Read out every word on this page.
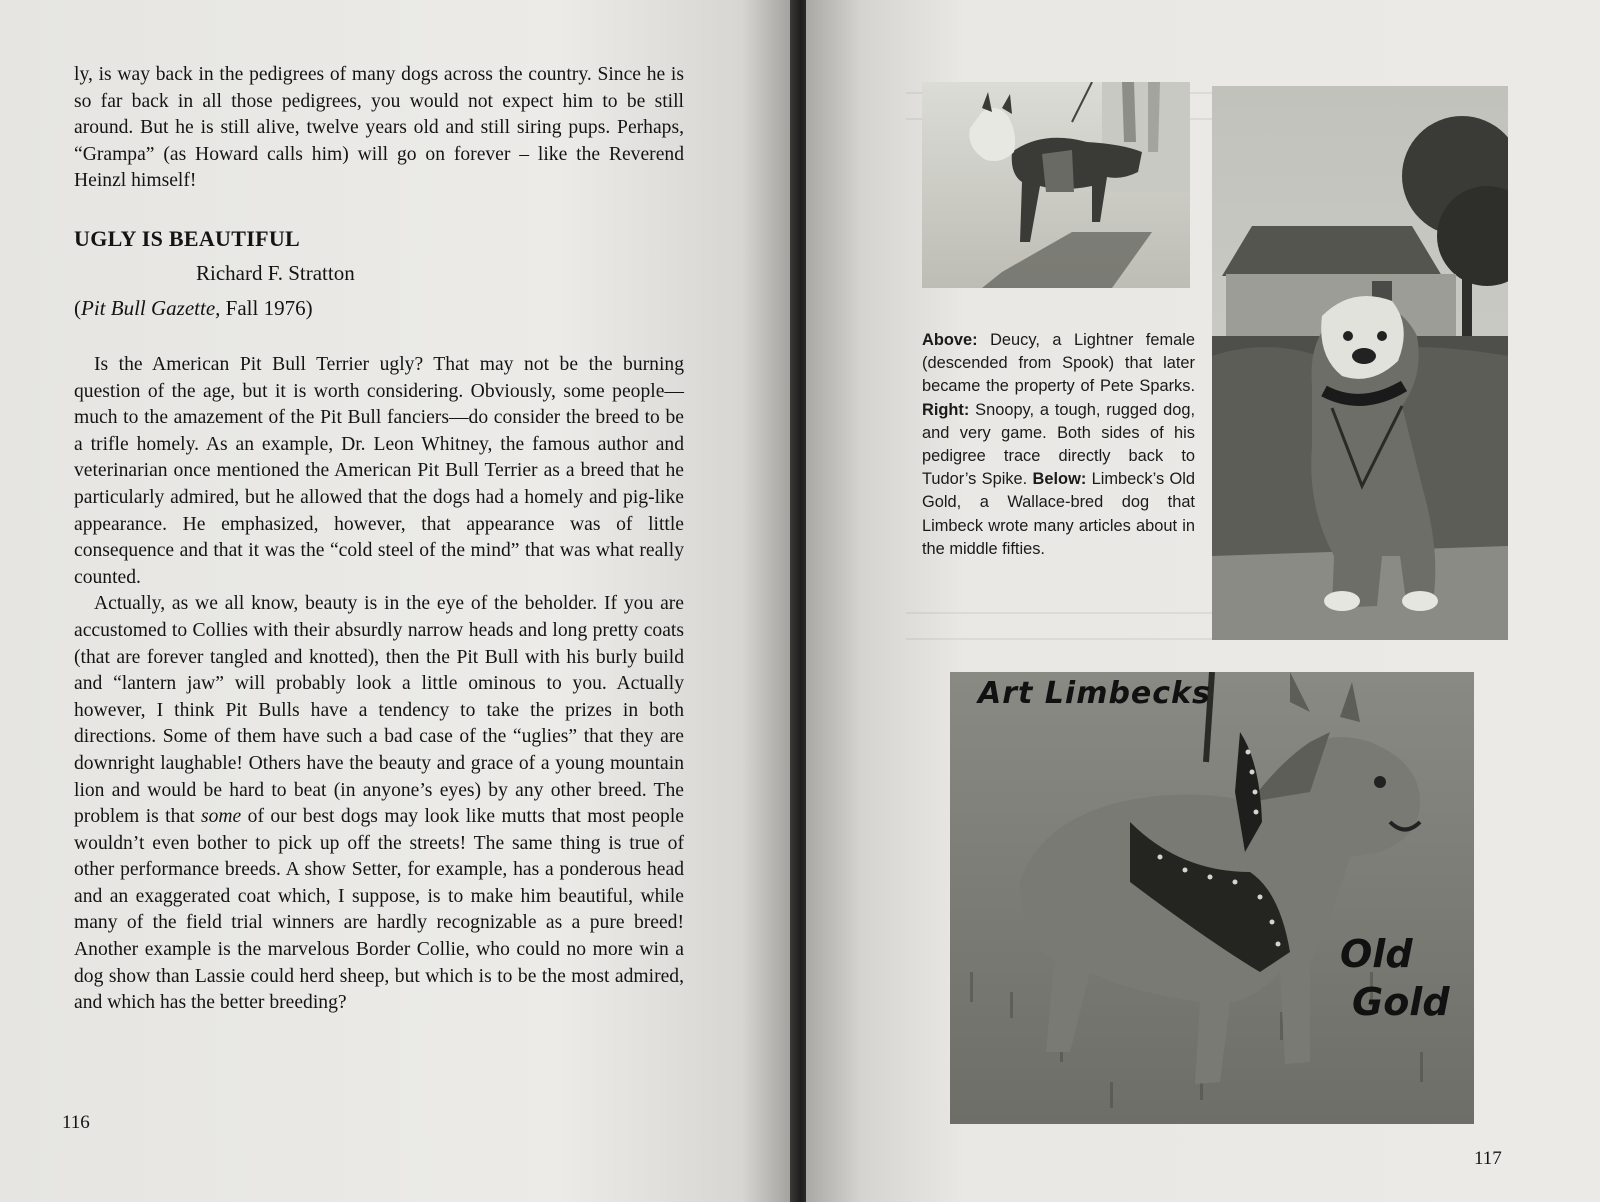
ly, is way back in the pedigrees of many dogs across the country. Since he is so far back in all those pedigrees, you would not expect him to be still around. But he is still alive, twelve years old and still siring pups. Perhaps, “Grampa” (as Howard calls him) will go on forever – like the Reverend Heinzl himself!

UGLY IS BEAUTIFUL
Richard F. Stratton
(Pit Bull Gazette, Fall 1976)

Is the American Pit Bull Terrier ugly? That may not be the burning question of the age, but it is worth considering. Obviously, some people—much to the amazement of the Pit Bull fanciers—do consider the breed to be a trifle homely. As an example, Dr. Leon Whitney, the famous author and veterinarian once mentioned the American Pit Bull Terrier as a breed that he particularly admired, but he allowed that the dogs had a homely and pig-like appearance. He emphasized, however, that appearance was of little consequence and that it was the “cold steel of the mind” that was what really counted.

Actually, as we all know, beauty is in the eye of the beholder. If you are accustomed to Collies with their absurdly narrow heads and long pretty coats (that are forever tangled and knotted), then the Pit Bull with his burly build and “lantern jaw” will probably look a little ominous to you. Actually however, I think Pit Bulls have a tendency to take the prizes in both directions. Some of them have such a bad case of the “uglies” that they are downright laughable! Others have the beauty and grace of a young mountain lion and would be hard to beat (in anyone’s eyes) by any other breed. The problem is that some of our best dogs may look like mutts that most people wouldn’t even bother to pick up off the streets! The same thing is true of other performance breeds. A show Setter, for example, has a ponderous head and an exaggerated coat which, I suppose, is to make him beautiful, while many of the field trial winners are hardly recognizable as a pure breed! Another example is the marvelous Border Collie, who could no more win a dog show than Lassie could herd sheep, but which is to be the most admired, and which has the better breeding?

116
Art Limbecks
Old
Gold
Above: Deucy, a Lightner female (descended from Spook) that later became the property of Pete Sparks. Right: Snoopy, a tough, rugged dog, and very game. Both sides of his pedigree trace directly back to Tudor’s Spike. Below: Limbeck’s Old Gold, a Wallace-bred dog that Limbeck wrote many articles about in the middle fifties.
117
